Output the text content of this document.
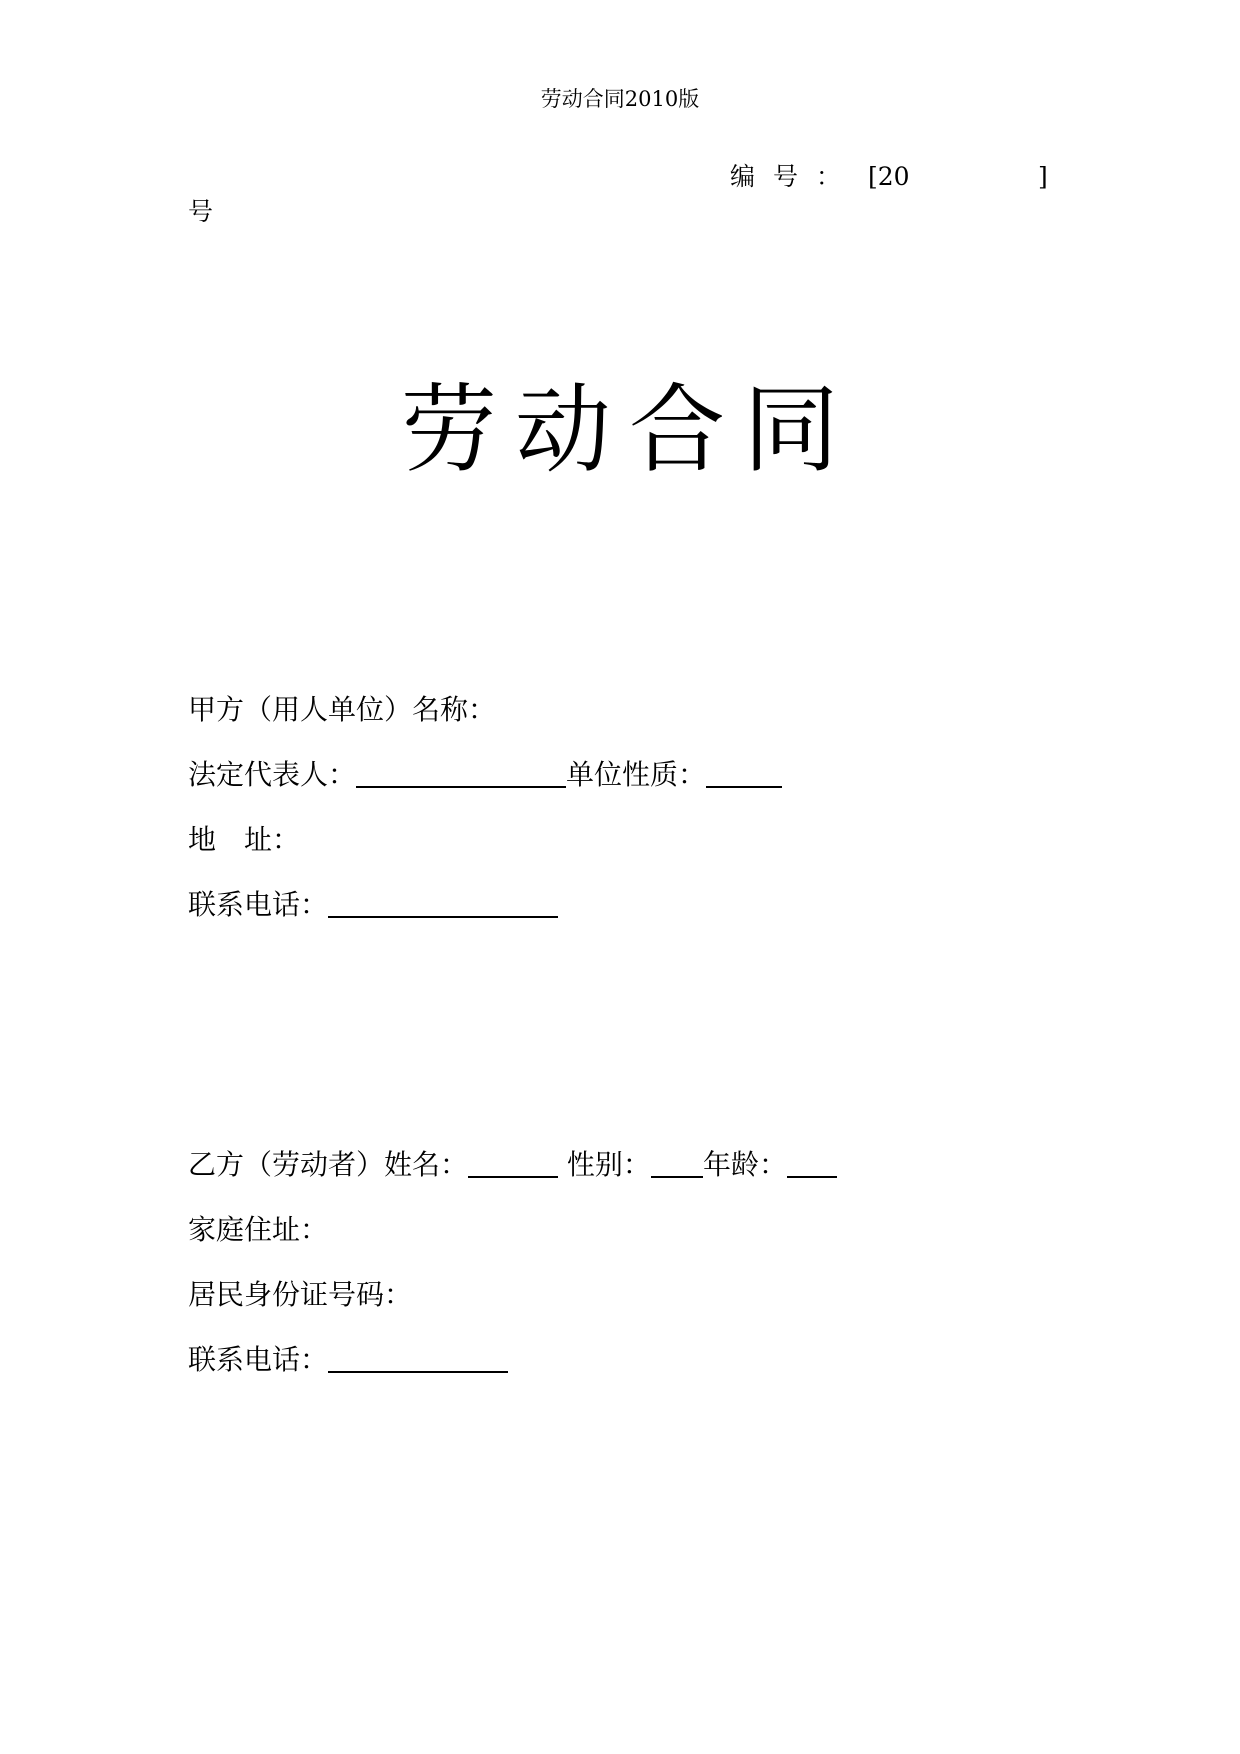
劳动合同2010版
编号： [20	]
号
劳动合同
甲方（用人单位）名称：
法定代表人：	单位性质：
地 址：
联系电话：
乙方（劳动者）姓名：	性别： 年龄：
家庭住址：
居民身份证号码：
联系电话：
